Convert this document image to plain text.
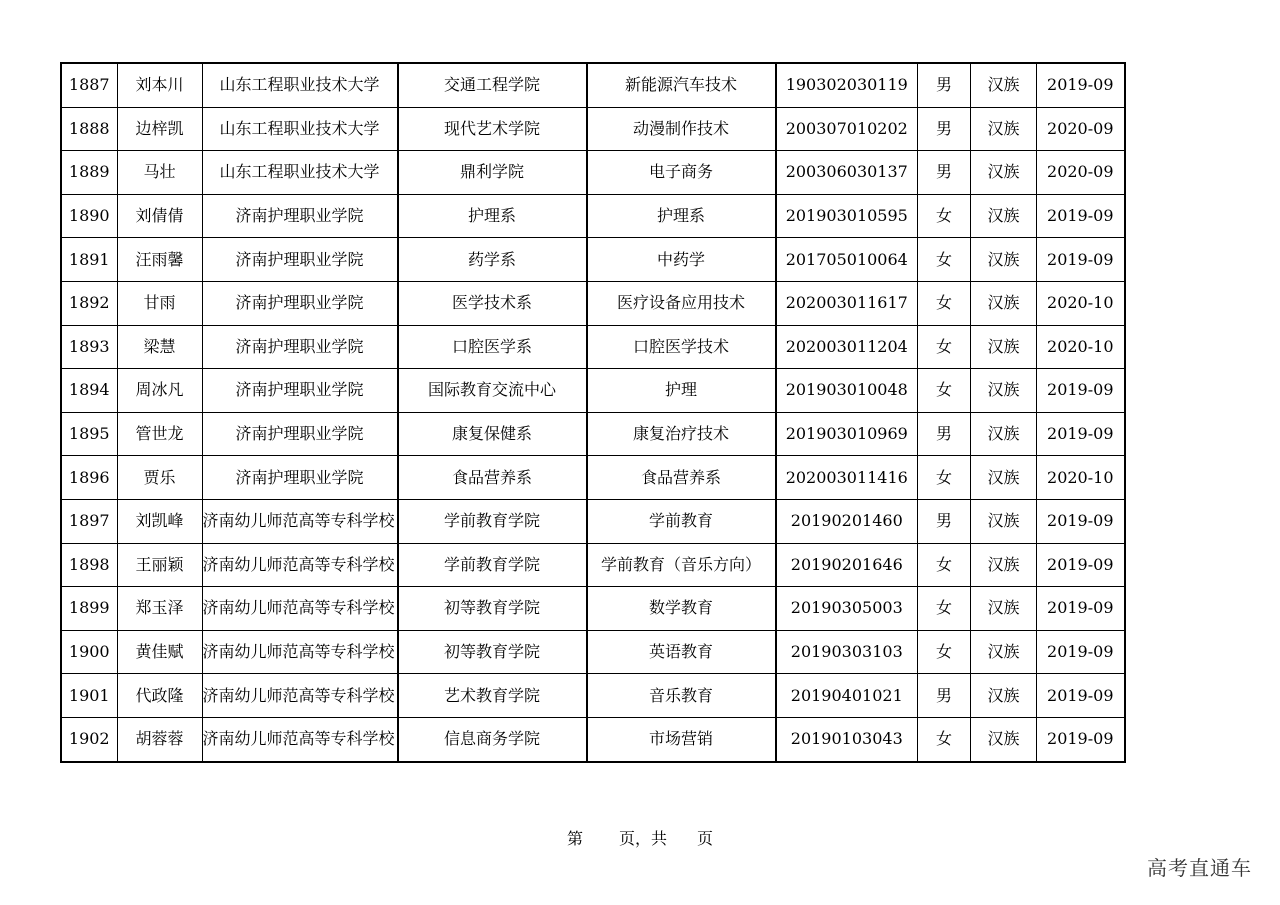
1887	刘本川	山东工程职业技术大学	交通工程学院	新能源汽车技术	190302030119	男	汉族	2019-09
1888	边梓凯	山东工程职业技术大学	现代艺术学院	动漫制作技术	200307010202	男	汉族	2020-09
1889	马壮	山东工程职业技术大学	鼎利学院	电子商务	200306030137	男	汉族	2020-09
1890	刘倩倩	济南护理职业学院	护理系	护理系	201903010595	女	汉族	2019-09
1891	汪雨馨	济南护理职业学院	药学系	中药学	201705010064	女	汉族	2019-09
1892	甘雨	济南护理职业学院	医学技术系	医疗设备应用技术	202003011617	女	汉族	2020-10
1893	梁慧	济南护理职业学院	口腔医学系	口腔医学技术	202003011204	女	汉族	2020-10
1894	周冰凡	济南护理职业学院	国际教育交流中心	护理	201903010048	女	汉族	2019-09
1895	管世龙	济南护理职业学院	康复保健系	康复治疗技术	201903010969	男	汉族	2019-09
1896	贾乐	济南护理职业学院	食品营养系	食品营养系	202003011416	女	汉族	2020-10
1897	刘凯峰	济南幼儿师范高等专科学校	学前教育学院	学前教育	20190201460	男	汉族	2019-09
1898	王丽颖	济南幼儿师范高等专科学校	学前教育学院	学前教育（音乐方向）	20190201646	女	汉族	2019-09
1899	郑玉泽	济南幼儿师范高等专科学校	初等教育学院	数学教育	20190305003	女	汉族	2019-09
1900	黄佳赋	济南幼儿师范高等专科学校	初等教育学院	英语教育	20190303103	女	汉族	2019-09
1901	代政隆	济南幼儿师范高等专科学校	艺术教育学院	音乐教育	20190401021	男	汉族	2019-09
1902	胡蓉蓉	济南幼儿师范高等专科学校	信息商务学院	市场营销	20190103043	女	汉族	2019-09
第 页，共 页
高考直通车
